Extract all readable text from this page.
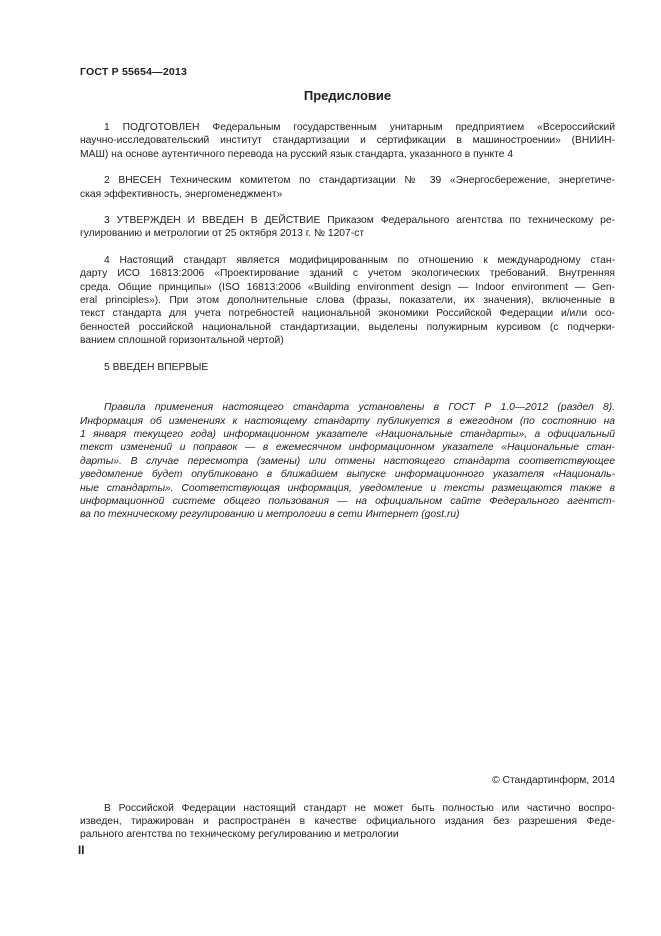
ГОСТ Р 55654—2013
Предисловие
1 ПОДГОТОВЛЕН Федеральным государственным унитарным предприятием «Всероссийский
научно-исследовательский институт стандартизации и сертификации в машиностроении» (ВНИИН-
МАШ) на основе аутентичного перевода на русский язык стандарта, указанного в пункте 4
2 ВНЕСЕН Техническим комитетом по стандартизации № 39 «Энергосбережение, энергетиче-
ская эффективность, энергоменеджмент»
3 УТВЕРЖДЕН И ВВЕДЕН В ДЕЙСТВИЕ Приказом Федерального агентства по техническому ре-
гулированию и метрологии от 25 октября 2013 г. № 1207-ст
4 Настоящий стандарт является модифицированным по отношению к международному стан-
дарту ИСО 16813:2006 «Проектирование зданий с учетом экологических требований. Внутренняя
среда. Общие принципы» (ISO 16813:2006 «Building environment design — Indoor environment — Gen-
eral principles»). При этом дополнительные слова (фразы, показатели, их значения), включенные в
текст стандарта для учета потребностей национальной экономики Российской Федерации и/или осо-
бенностей российской национальной стандартизации, выделены полужирным курсивом (с подчерки-
ванием сплошной горизонтальной чертой)
5 ВВЕДЕН ВПЕРВЫЕ
Правила применения настоящего стандарта установлены в ГОСТ Р 1.0—2012 (раздел 8).
Информация об изменениях к настоящему стандарту публикуется в ежегодном (по состоянию на
1 января текущего года) информационном указателе «Национальные стандарты», а официальный
текст изменений и поправок — в ежемесячном информационном указателе «Национальные стан-
дарты». В случае пересмотра (замены) или отмены настоящего стандарта соответствующее
уведомление будет опубликовано в ближайшем выпуске информационного указателя «Националь-
ные стандарты». Соответствующая информация, уведомление и тексты размещаются также в
информационной системе общего пользования — на официальном сайте Федерального агентст-
ва по техническому регулированию и метрологии в сети Интернет (gost.ru)
© Стандартинформ, 2014
В Российской Федерации настоящий стандарт не может быть полностью или частично воспро-
изведен, тиражирован и распространен в качестве официального издания без разрешения Феде-
рального агентства по техническому регулированию и метрологии
II
